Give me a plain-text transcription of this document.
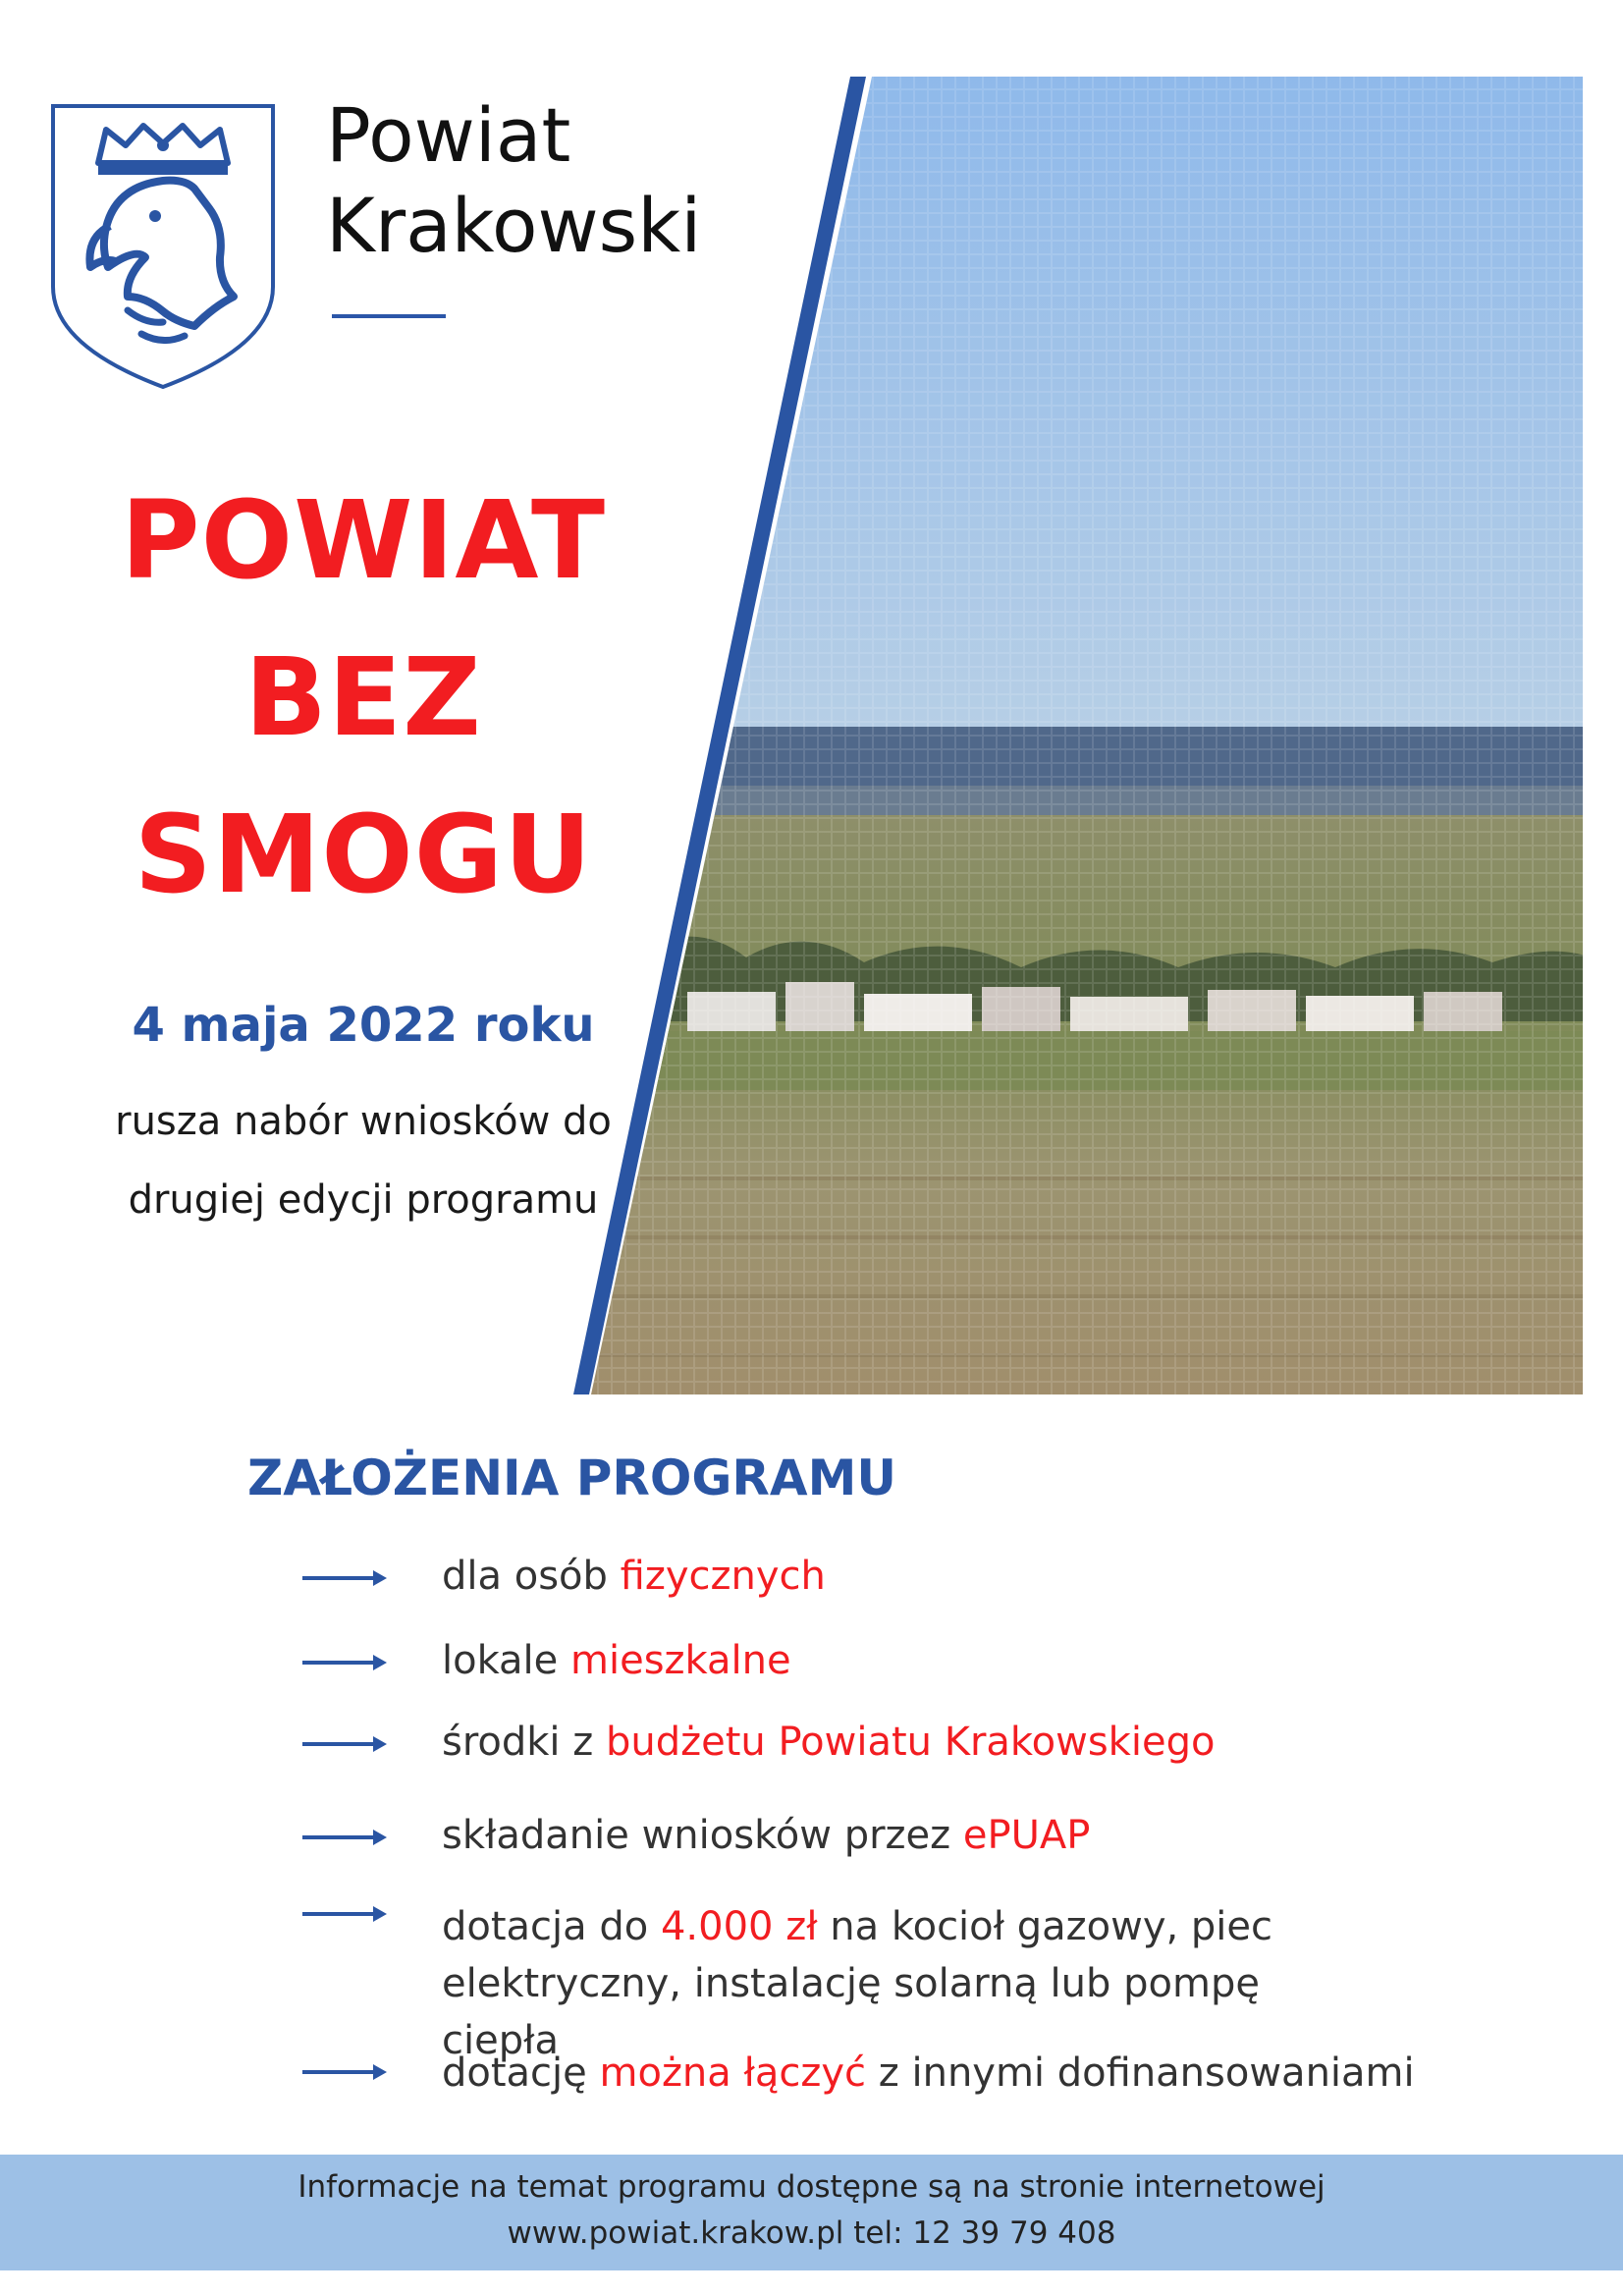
Powiat
Krakowski
POWIAT
BEZ
SMOGU
4 maja 2022 roku
rusza nabór wniosków do
drugiej edycji programu
ZAŁOŻENIA PROGRAMU
dla osób fizycznych
lokale mieszkalne
środki z budżetu Powiatu Krakowskiego
składanie wniosków przez ePUAP
dotacja do 4.000 zł na kocioł gazowy, piec elektryczny, instalację solarną lub pompę ciepła
dotację można łączyć z innymi dofinansowaniami
Informacje na temat programu dostępne są na stronie internetowej
www.powiat.krakow.pl tel: 12 39 79 408
